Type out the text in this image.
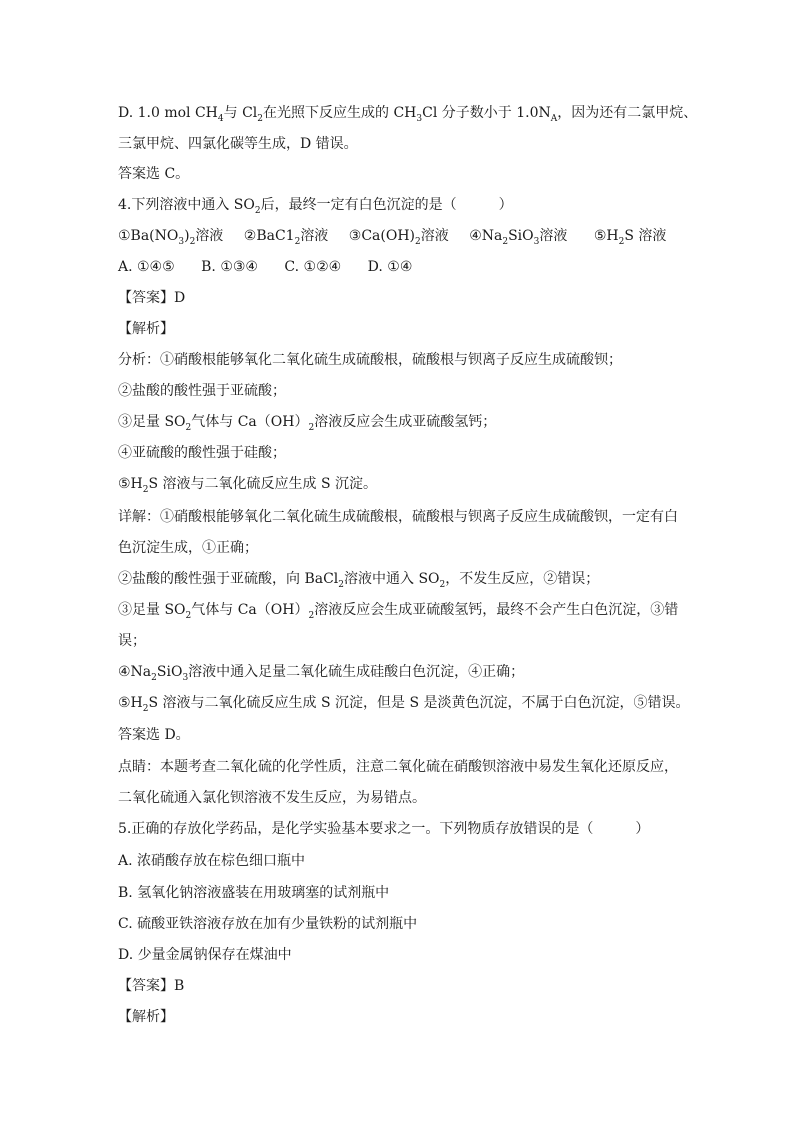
D. 1.0 mol $CH_4$与 $Cl_2$在光照下反应生成的 $CH_3Cl$ 分子数小于 $1.0N_A$，因为还有二氯甲烷、
三氯甲烷、四氯化碳等生成，D 错误。
答案选 C。
4.下列溶液中通入 $SO_2$后，最终一定有白色沉淀的是（　　　）
$①Ba(NO_3)_2$溶液 $②BaC1_2$溶液 $③Ca(OH)_2$溶液 $④Na_2SiO_3$溶液 $⑤H_2S$ 溶液
A. ①④⑤ B. ①③④ C. ①②④ D. ①④
【答案】D
【解析】
分析：①硝酸根能够氧化二氧化硫生成硫酸根，硫酸根与钡离子反应生成硫酸钡；
②盐酸的酸性强于亚硫酸；
③足量 $SO_2$气体与 $Ca(OH)_2$溶液反应会生成亚硫酸氢钙；
④亚硫酸的酸性强于硅酸；
$⑤H_2S$ 溶液与二氧化硫反应生成 S 沉淀。
详解：①硝酸根能够氧化二氧化硫生成硫酸根，硫酸根与钡离子反应生成硫酸钡，一定有白
色沉淀生成，①正确；
②盐酸的酸性强于亚硫酸，向 BaCl$_2$溶液中通入 $SO_2$，不发生反应，②错误；
③足量 $SO_2$气体与 $Ca(OH)_2$溶液反应会生成亚硫酸氢钙，最终不会产生白色沉淀，③错
误；
$④Na_2SiO_3$溶液中通入足量二氧化硫生成硅酸白色沉淀，④正确；
$⑤H_2S$ 溶液与二氧化硫反应生成 S 沉淀，但是 S 是淡黄色沉淀，不属于白色沉淀，⑤错误。
答案选 D。
点睛：本题考查二氧化硫的化学性质，注意二氧化硫在硝酸钡溶液中易发生氧化还原反应，
二氧化硫通入氯化钡溶液不发生反应，为易错点。
5.正确的存放化学药品，是化学实验基本要求之一。下列物质存放错误的是（　　　）
A. 浓硝酸存放在棕色细口瓶中
B. 氢氧化钠溶液盛装在用玻璃塞的试剂瓶中
C. 硫酸亚铁溶液存放在加有少量铁粉的试剂瓶中
D. 少量金属钠保存在煤油中
【答案】B
【解析】
